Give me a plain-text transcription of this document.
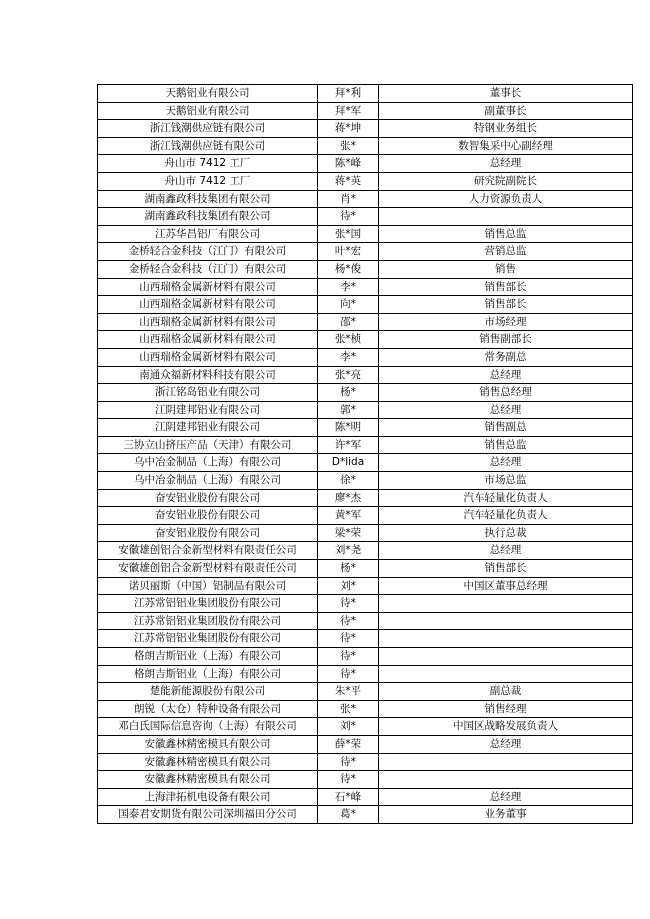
天鹅铝业有限公司	拜*利	董事长
天鹅铝业有限公司	拜*军	副董事长
浙江钱潮供应链有限公司	蒋*坤	特钢业务组长
浙江钱潮供应链有限公司	张*	数智集采中心副经理
舟山市 7412 工厂	陈*峰	总经理
舟山市 7412 工厂	蒋*英	研究院副院长
湖南鑫政科技集团有限公司	肖*	人力资源负责人
湖南鑫政科技集团有限公司	待*	
江苏华昌铝厂有限公司	张*国	销售总监
金桥轻合金科技（江门）有限公司	叶*宏	营销总监
金桥轻合金科技（江门）有限公司	杨*俊	销售
山西瑞格金属新材料有限公司	李*	销售部长
山西瑞格金属新材料有限公司	向*	销售部长
山西瑞格金属新材料有限公司	邵*	市场经理
山西瑞格金属新材料有限公司	张*桢	销售副部长
山西瑞格金属新材料有限公司	李*	常务副总
南通众福新材料科技有限公司	张*亮	总经理
浙江铭岛铝业有限公司	杨*	销售总经理
江阴建邦铝业有限公司	郭*	总经理
江阴建邦铝业有限公司	陈*明	销售副总
三协立山挤压产品（天津）有限公司	许*军	销售总监
乌中冶金制品（上海）有限公司	D*lida	总经理
乌中冶金制品（上海）有限公司	徐*	市场总监
奋安铝业股份有限公司	廖*杰	汽车轻量化负责人
奋安铝业股份有限公司	黄*军	汽车轻量化负责人
奋安铝业股份有限公司	梁*荣	执行总裁
安徽雄创铝合金新型材料有限责任公司	刘*尧	总经理
安徽雄创铝合金新型材料有限责任公司	杨*	销售部长
诺贝丽斯（中国）铝制品有限公司	刘*	中国区董事总经理
江苏常铝铝业集团股份有限公司	待*	
江苏常铝铝业集团股份有限公司	待*	
江苏常铝铝业集团股份有限公司	待*	
格朗吉斯铝业（上海）有限公司	待*	
格朗吉斯铝业（上海）有限公司	待*	
楚能新能源股份有限公司	朱*平	副总裁
朗锐（太仓）特种设备有限公司	张*	销售经理
邓白氏国际信息咨询（上海）有限公司	刘*	中国区战略发展负责人
安徽鑫林精密模具有限公司	薛*荣	总经理
安徽鑫林精密模具有限公司	待*	
安徽鑫林精密模具有限公司	待*	
上海津拓机电设备有限公司	石*峰	总经理
国泰君安期货有限公司深圳福田分公司	葛*	业务董事
